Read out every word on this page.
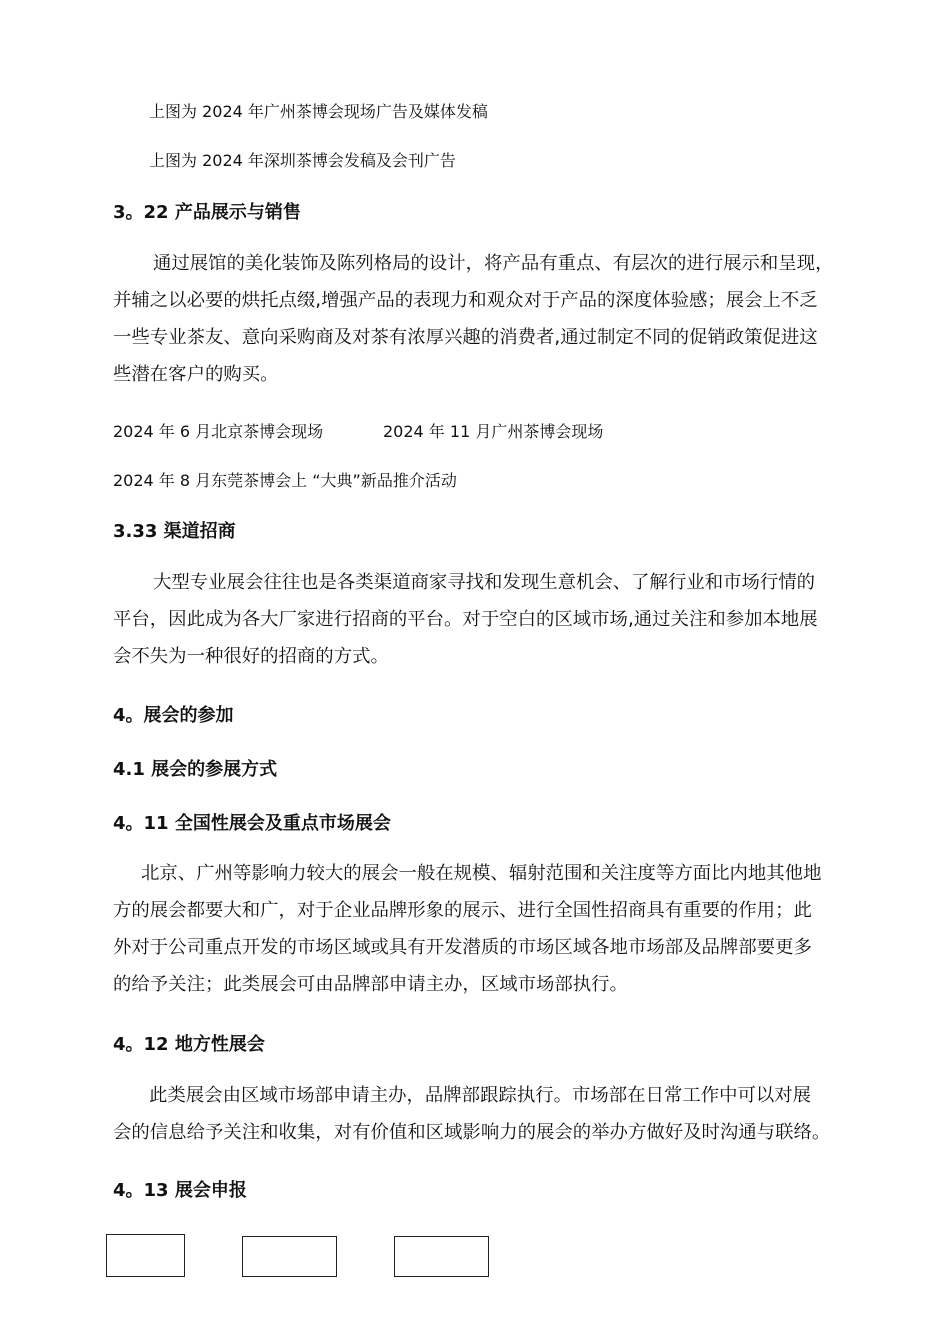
上图为 2024 年广州茶博会现场广告及媒体发稿
上图为 2024 年深圳茶博会发稿及会刊广告
3。22 产品展示与销售
通过展馆的美化装饰及陈列格局的设计，将产品有重点、有层次的进行展示和呈现，
并辅之以必要的烘托点缀,增强产品的表现力和观众对于产品的深度体验感；展会上不乏
一些专业茶友、意向采购商及对茶有浓厚兴趣的消费者,通过制定不同的促销政策促进这
些潜在客户的购买。
2024 年 6 月北京茶博会现场	2024 年 11 月广州茶博会现场
2024 年 8 月东莞茶博会上 “大典”新品推介活动
3.33 渠道招商
大型专业展会往往也是各类渠道商家寻找和发现生意机会、了解行业和市场行情的
平台，因此成为各大厂家进行招商的平台。对于空白的区域市场,通过关注和参加本地展
会不失为一种很好的招商的方式。
4。展会的参加
4.1 展会的参展方式
4。11 全国性展会及重点市场展会
北京、广州等影响力较大的展会一般在规模、辐射范围和关注度等方面比内地其他地
方的展会都要大和广，对于企业品牌形象的展示、进行全国性招商具有重要的作用；此
外对于公司重点开发的市场区域或具有开发潜质的市场区域各地市场部及品牌部要更多
的给予关注；此类展会可由品牌部申请主办，区域市场部执行。
4。12 地方性展会
此类展会由区域市场部申请主办，品牌部跟踪执行。市场部在日常工作中可以对展
会的信息给予关注和收集，对有价值和区域影响力的展会的举办方做好及时沟通与联络。
4。13 展会申报
